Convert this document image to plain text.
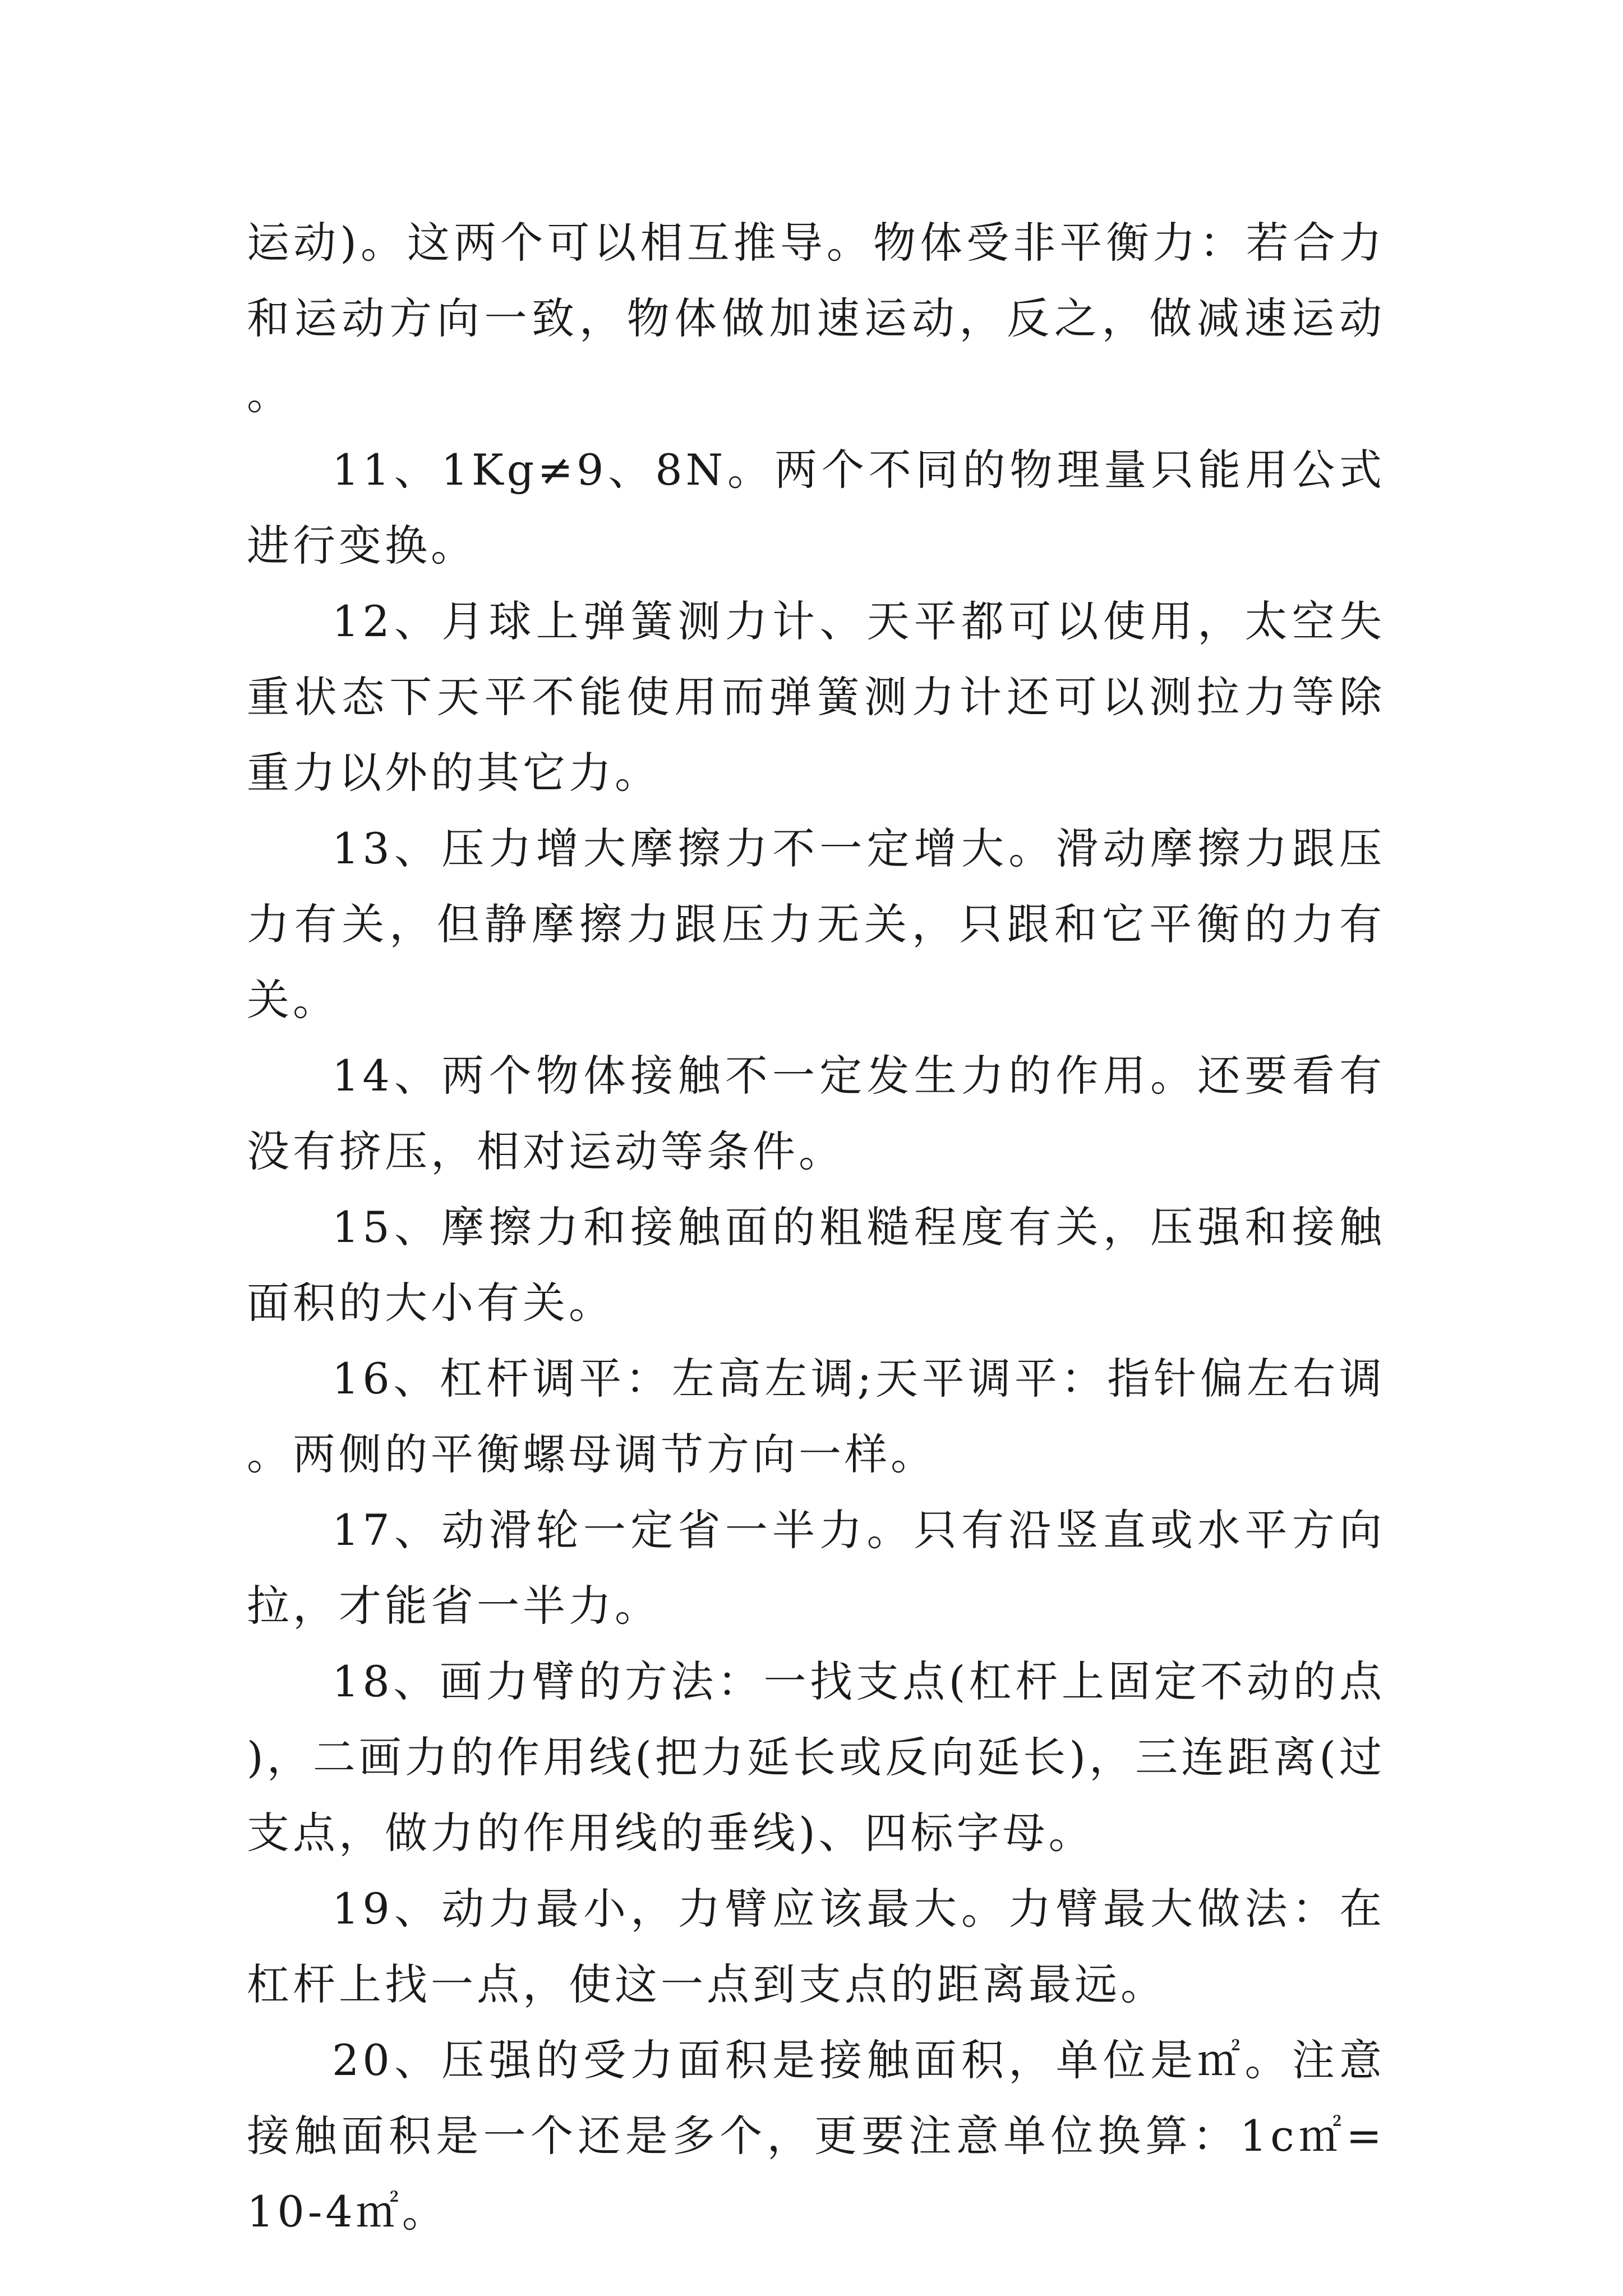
运动)。这两个可以相互推导。物体受非平衡力：若合力和运动方向一致，物体做加速运动，反之，做减速运动。

11、1Kg≠9、8N。两个不同的物理量只能用公式进行变换。

12、月球上弹簧测力计、天平都可以使用，太空失重状态下天平不能使用而弹簧测力计还可以测拉力等除重力以外的其它力。

13、压力增大摩擦力不一定增大。滑动摩擦力跟压力有关，但静摩擦力跟压力无关，只跟和它平衡的力有关。

14、两个物体接触不一定发生力的作用。还要看有没有挤压，相对运动等条件。

15、摩擦力和接触面的粗糙程度有关，压强和接触面积的大小有关。

16、杠杆调平：左高左调;天平调平：指针偏左右调。两侧的平衡螺母调节方向一样。

17、动滑轮一定省一半力。只有沿竖直或水平方向拉，才能省一半力。

18、画力臂的方法：一找支点(杠杆上固定不动的点)，二画力的作用线(把力延长或反向延长)，三连距离(过支点，做力的作用线的垂线)、四标字母。

19、动力最小，力臂应该最大。力臂最大做法：在杠杆上找一点，使这一点到支点的距离最远。

20、压强的受力面积是接触面积，单位是㎡。注意接触面积是一个还是多个，更要注意单位换算：1c㎡=10-4㎡。
